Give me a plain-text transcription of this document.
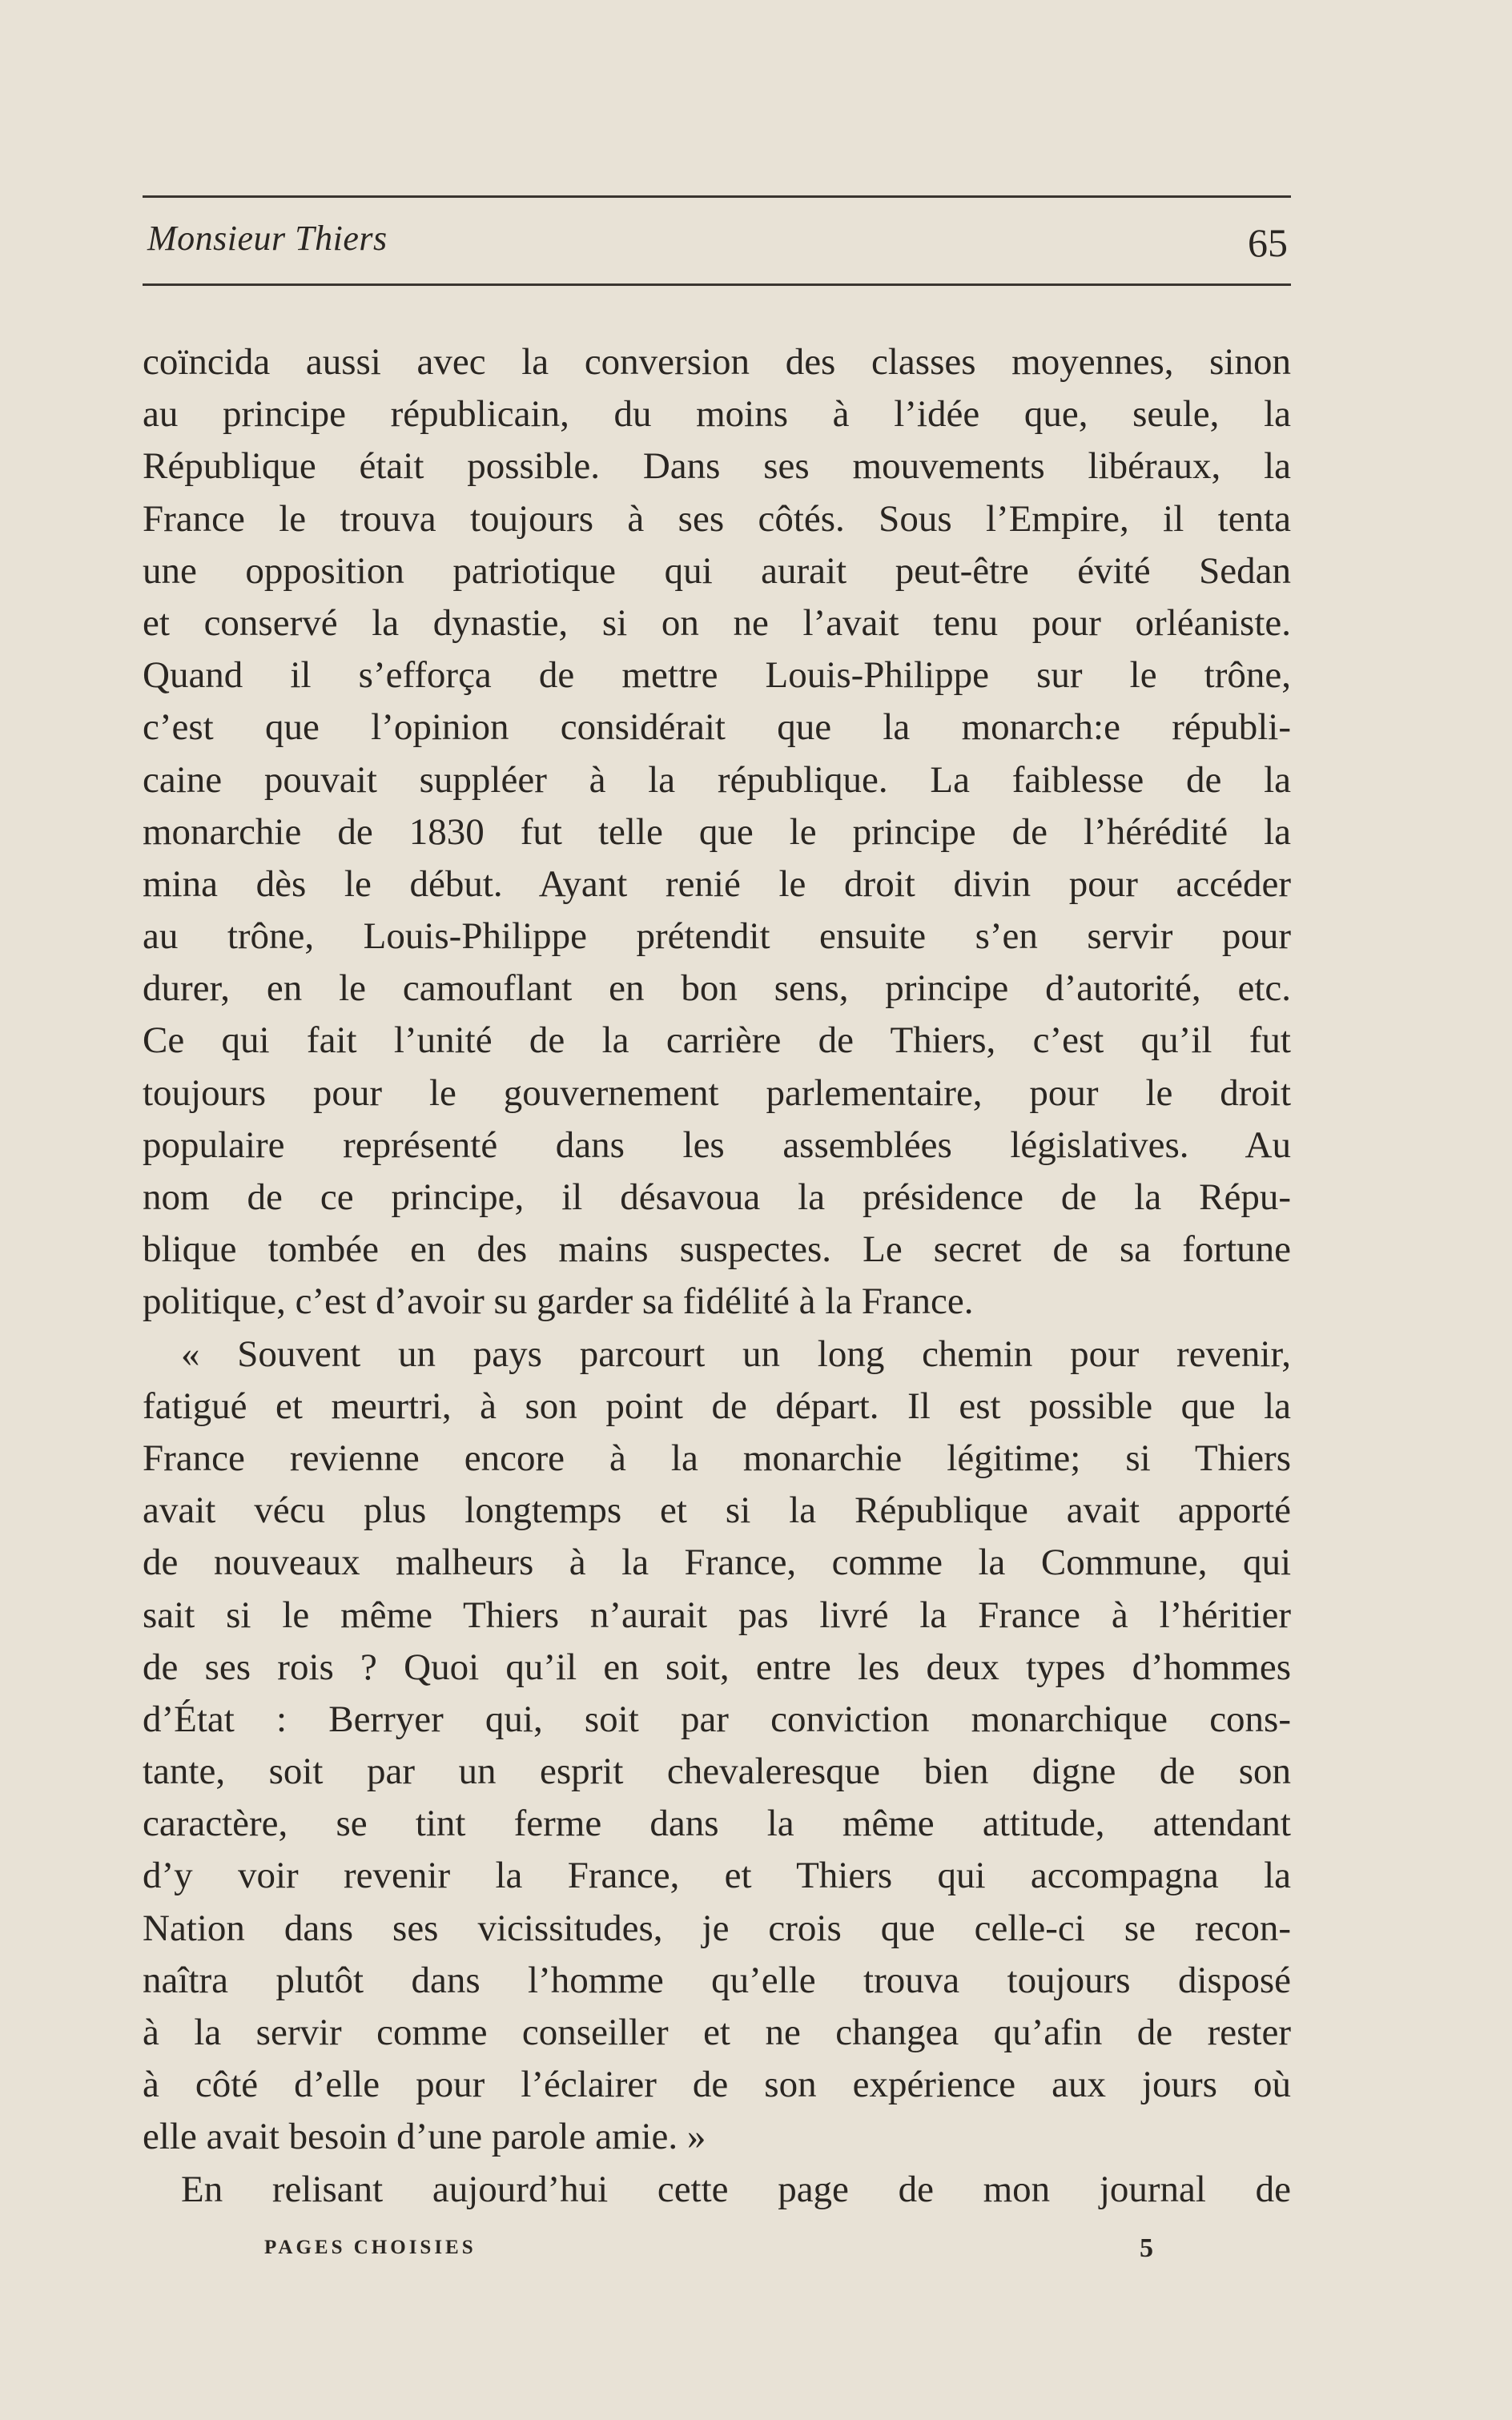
Monsieur Thiers	65
coïncida aussi avec la conversion des classes moyennes, sinon
au principe républicain, du moins à l’idée que, seule, la
République était possible. Dans ses mouvements libéraux, la
France le trouva toujours à ses côtés. Sous l’Empire, il tenta
une opposition patriotique qui aurait peut-être évité Sedan
et conservé la dynastie, si on ne l’avait tenu pour orléaniste.
Quand il s’efforça de mettre Louis-Philippe sur le trône,
c’est que l’opinion considérait que la monarch:e républi-
caine pouvait suppléer à la république. La faiblesse de la
monarchie de 1830 fut telle que le principe de l’hérédité la
mina dès le début. Ayant renié le droit divin pour accéder
au trône, Louis-Philippe prétendit ensuite s’en servir pour
durer, en le camouflant en bon sens, principe d’autorité, etc.
Ce qui fait l’unité de la carrière de Thiers, c’est qu’il fut
toujours pour le gouvernement parlementaire, pour le droit
populaire représenté dans les assemblées législatives. Au
nom de ce principe, il désavoua la présidence de la Répu-
blique tombée en des mains suspectes. Le secret de sa fortune
politique, c’est d’avoir su garder sa fidélité à la France.
« Souvent un pays parcourt un long chemin pour revenir,
fatigué et meurtri, à son point de départ. Il est possible que la
France revienne encore à la monarchie légitime; si Thiers
avait vécu plus longtemps et si la République avait apporté
de nouveaux malheurs à la France, comme la Commune, qui
sait si le même Thiers n’aurait pas livré la France à l’héritier
de ses rois ? Quoi qu’il en soit, entre les deux types d’hommes
d’État : Berryer qui, soit par conviction monarchique cons-
tante, soit par un esprit chevaleresque bien digne de son
caractère, se tint ferme dans la même attitude, attendant
d’y voir revenir la France, et Thiers qui accompagna la
Nation dans ses vicissitudes, je crois que celle-ci se recon-
naîtra plutôt dans l’homme qu’elle trouva toujours disposé
à la servir comme conseiller et ne changea qu’afin de rester
à côté d’elle pour l’éclairer de son expérience aux jours où
elle avait besoin d’une parole amie. »
En relisant aujourd’hui cette page de mon journal de
PAGES CHOISIES	5
